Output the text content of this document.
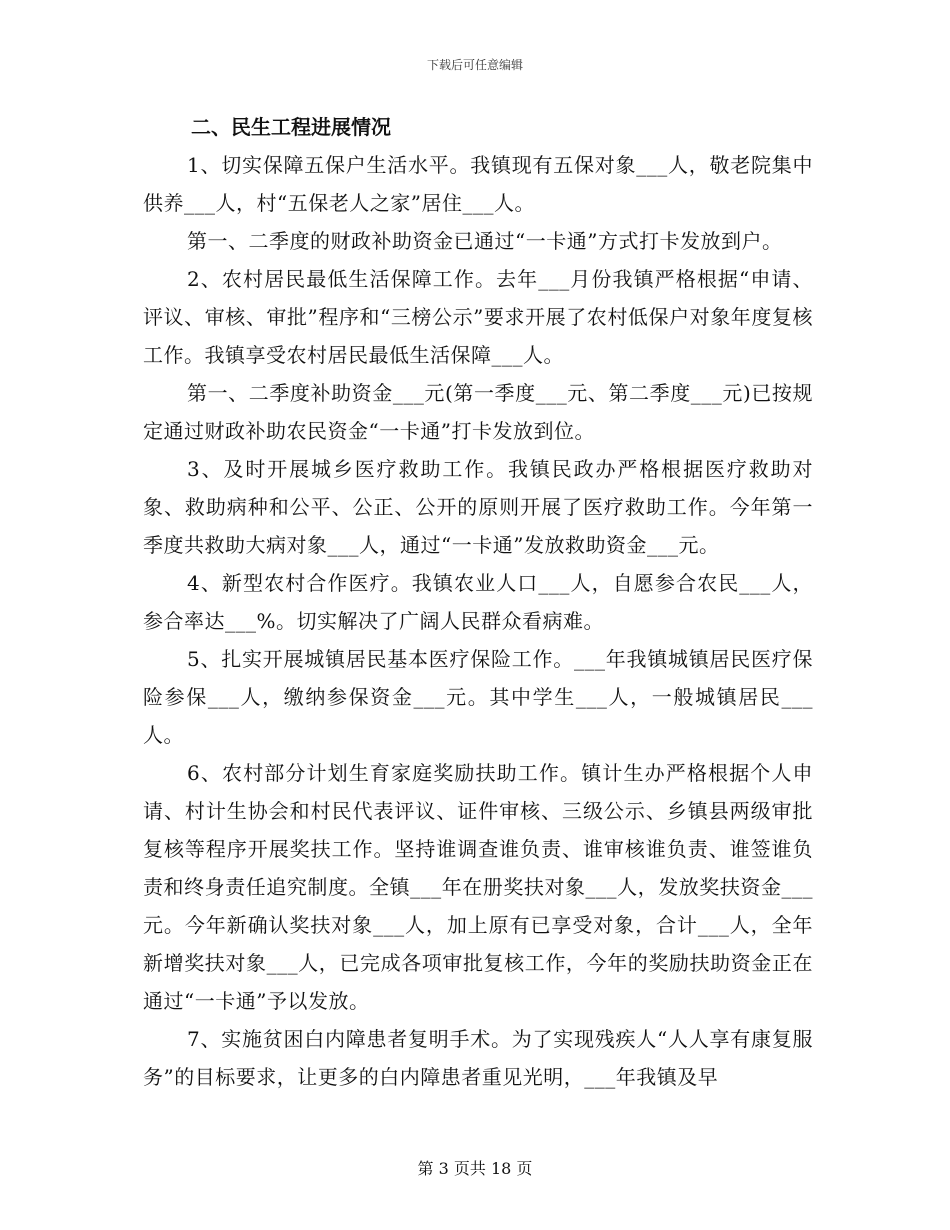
下载后可任意编辑

二、民生工程进展情况

1、切实保障五保户生活水平。我镇现有五保对象___人，敬老院集中供养___人，村“五保老人之家”居住___人。

第一、二季度的财政补助资金已通过“一卡通”方式打卡发放到户。

2、农村居民最低生活保障工作。去年___月份我镇严格根据“申请、评议、审核、审批”程序和“三榜公示”要求开展了农村低保户对象年度复核工作。我镇享受农村居民最低生活保障___人。

第一、二季度补助资金___元(第一季度___元、第二季度___元)已按规定通过财政补助农民资金“一卡通”打卡发放到位。

3、及时开展城乡医疗救助工作。我镇民政办严格根据医疗救助对象、救助病种和公平、公正、公开的原则开展了医疗救助工作。今年第一季度共救助大病对象___人，通过“一卡通”发放救助资金___元。

4、新型农村合作医疗。我镇农业人口___人，自愿参合农民___人，参合率达___%。切实解决了广阔人民群众看病难。

5、扎实开展城镇居民基本医疗保险工作。___年我镇城镇居民医疗保险参保___人，缴纳参保资金___元。其中学生___人，一般城镇居民___人。

6、农村部分计划生育家庭奖励扶助工作。镇计生办严格根据个人申请、村计生协会和村民代表评议、证件审核、三级公示、乡镇县两级审批复核等程序开展奖扶工作。坚持谁调查谁负责、谁审核谁负责、谁签谁负责和终身责任追究制度。全镇___年在册奖扶对象___人，发放奖扶资金___元。今年新确认奖扶对象___人，加上原有已享受对象，合计___人，全年新增奖扶对象___人，已完成各项审批复核工作，今年的奖励扶助资金正在通过“一卡通”予以发放。

7、实施贫困白内障患者复明手术。为了实现残疾人“人人享有康复服务”的目标要求，让更多的白内障患者重见光明，___年我镇及早

第 3 页共 18 页
